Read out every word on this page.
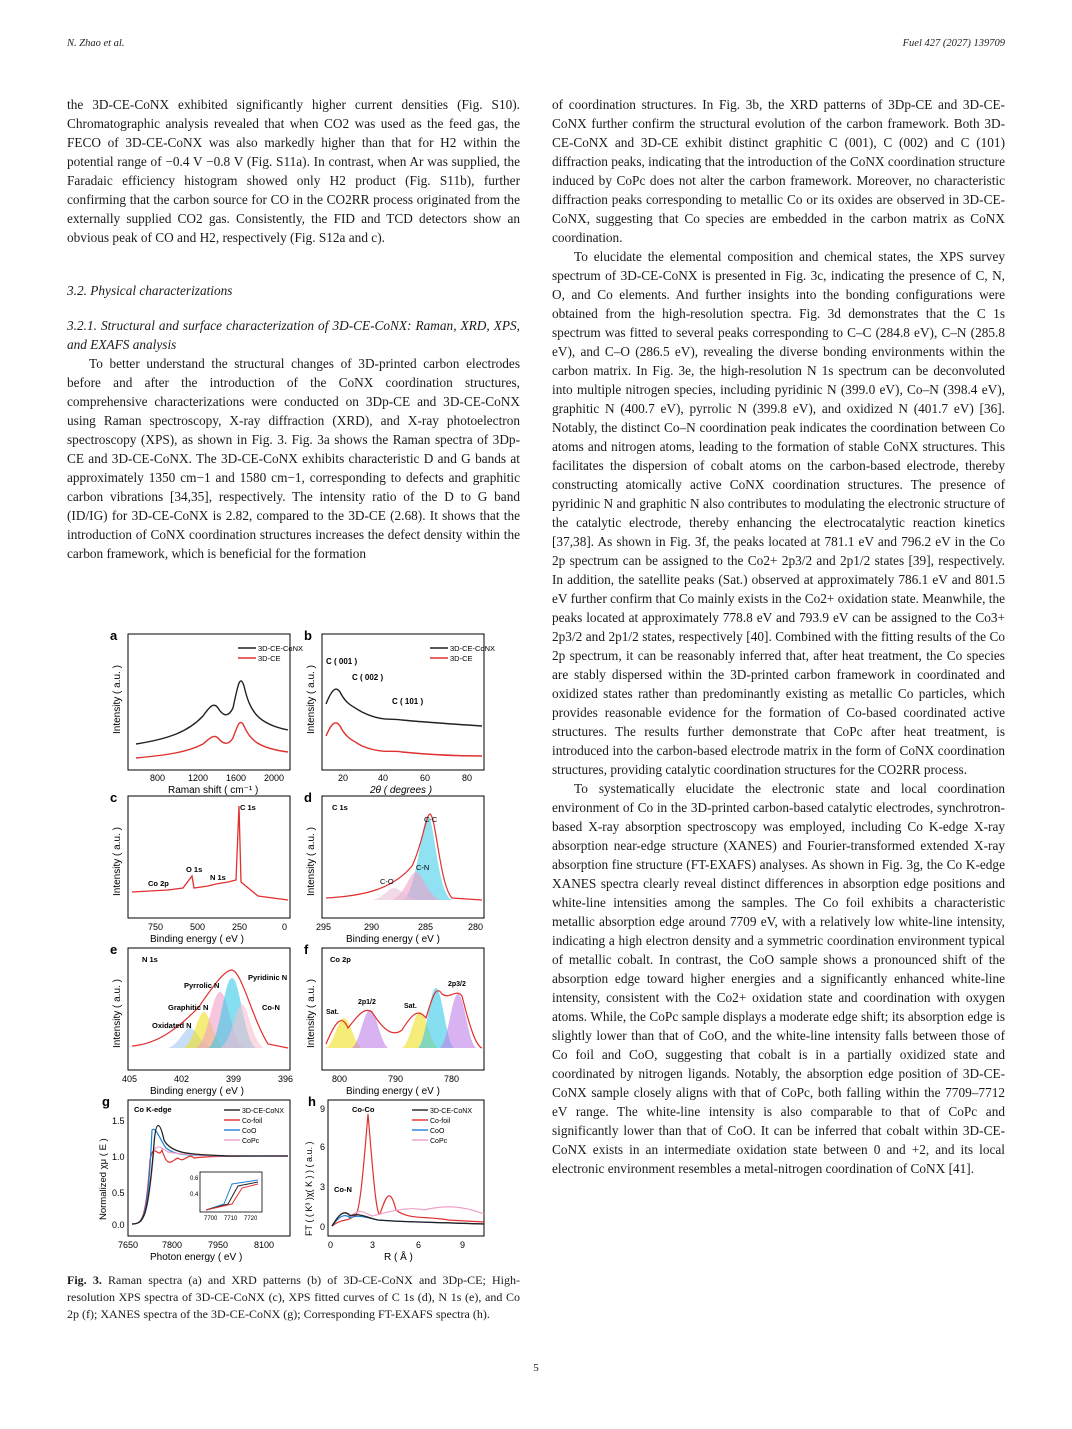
N. Zhao et al.	Fuel 427 (2027) 139709

the 3D-CE-CoNX exhibited significantly higher current densities (Fig. S10). Chromatographic analysis revealed that when CO2 was used as the feed gas, the FECO of 3D-CE-CoNX was also markedly higher than that for H2 within the potential range of −0.4 V −0.8 V (Fig. S11a). In contrast, when Ar was supplied, the Faradaic efficiency histogram showed only H2 product (Fig. S11b), further confirming that the carbon source for CO in the CO2RR process originated from the externally supplied CO2 gas. Consistently, the FID and TCD detectors show an obvious peak of CO and H2, respectively (Fig. S12a and c).

3.2. Physical characterizations
3.2.1. Structural and surface characterization of 3D-CE-CoNX: Raman, XRD, XPS, and EXAFS analysis

To better understand the structural changes of 3D-printed carbon electrodes before and after the introduction of the CoNX coordination structures, comprehensive characterizations were conducted on 3Dp-CE and 3D-CE-CoNX using Raman spectroscopy, X-ray diffraction (XRD), and X-ray photoelectron spectroscopy (XPS), as shown in Fig. 3. Fig. 3a shows the Raman spectra of 3Dp-CE and 3D-CE-CoNX. The 3D-CE-CoNX exhibits characteristic D and G bands at approximately 1350 cm−1 and 1580 cm−1, corresponding to defects and graphitic carbon vibrations [34,35], respectively. The intensity ratio of the D to G band (ID/IG) for 3D-CE-CoNX is 2.82, compared to the 3D-CE (2.68). It shows that the introduction of CoNX coordination structures increases the defect density within the carbon framework, which is beneficial for the formation

of coordination structures. In Fig. 3b, the XRD patterns of 3Dp-CE and 3D-CE-CoNX further confirm the structural evolution of the carbon framework. Both 3D-CE-CoNX and 3D-CE exhibit distinct graphitic C (001), C (002) and C (101) diffraction peaks, indicating that the introduction of the CoNX coordination structure induced by CoPc does not alter the carbon framework. Moreover, no characteristic diffraction peaks corresponding to metallic Co or its oxides are observed in 3D-CE-CoNX, suggesting that Co species are embedded in the carbon matrix as CoNX coordination.

To elucidate the elemental composition and chemical states, the XPS survey spectrum of 3D-CE-CoNX is presented in Fig. 3c, indicating the presence of C, N, O, and Co elements. And further insights into the bonding configurations were obtained from the high-resolution spectra. Fig. 3d demonstrates that the C 1s spectrum was fitted to several peaks corresponding to C–C (284.8 eV), C–N (285.8 eV), and C–O (286.5 eV), revealing the diverse bonding environments within the carbon matrix. In Fig. 3e, the high-resolution N 1s spectrum can be deconvoluted into multiple nitrogen species, including pyridinic N (399.0 eV), Co–N (398.4 eV), graphitic N (400.7 eV), pyrrolic N (399.8 eV), and oxidized N (401.7 eV) [36]. Notably, the distinct Co–N coordination peak indicates the coordination between Co atoms and nitrogen atoms, leading to the formation of stable CoNX structures. This facilitates the dispersion of cobalt atoms on the carbon-based electrode, thereby constructing atomically active CoNX coordination structures. The presence of pyridinic N and graphitic N also contributes to modulating the electronic structure of the catalytic electrode, thereby enhancing the electrocatalytic reaction kinetics [37,38]. As shown in Fig. 3f, the peaks located at 781.1 eV and 796.2 eV in the Co 2p spectrum can be assigned to the Co2+ 2p3/2 and 2p1/2 states [39], respectively. In addition, the satellite peaks (Sat.) observed at approximately 786.1 eV and 801.5 eV further confirm that Co mainly exists in the Co2+ oxidation state. Meanwhile, the peaks located at approximately 778.8 eV and 793.9 eV can be assigned to the Co3+ 2p3/2 and 2p1/2 states, respectively [40]. Combined with the fitting results of the Co 2p spectrum, it can be reasonably inferred that, after heat treatment, the Co species are stably dispersed within the 3D-printed carbon framework in coordinated and oxidized states rather than predominantly existing as metallic Co particles, which provides reasonable evidence for the formation of Co-based coordinated active structures. The results further demonstrate that CoPc after heat treatment, is introduced into the carbon-based electrode matrix in the form of CoNX coordination structures, providing catalytic coordination structures for the CO2RR process.

To systematically elucidate the electronic state and local coordination environment of Co in the 3D-printed carbon-based catalytic electrodes, synchrotron-based X-ray absorption spectroscopy was employed, including Co K-edge X-ray absorption near-edge structure (XANES) and Fourier-transformed extended X-ray absorption fine structure (FT-EXAFS) analyses. As shown in Fig. 3g, the Co K-edge XANES spectra clearly reveal distinct differences in absorption edge positions and white-line intensities among the samples. The Co foil exhibits a characteristic metallic absorption edge around 7709 eV, with a relatively low white-line intensity, indicating a high electron density and a symmetric coordination environment typical of metallic cobalt. In contrast, the CoO sample shows a pronounced shift of the absorption edge toward higher energies and a significantly enhanced white-line intensity, consistent with the Co2+ oxidation state and coordination with oxygen atoms. While, the CoPc sample displays a moderate edge shift; its absorption edge is slightly lower than that of CoO, and the white-line intensity falls between those of Co foil and CoO, suggesting that cobalt is in a partially oxidized state and coordinated by nitrogen ligands. Notably, the absorption edge position of 3D-CE-CoNX sample closely aligns with that of CoPc, both falling within the 7709–7712 eV range. The white-line intensity is also comparable to that of CoPc and significantly lower than that of CoO. It can be inferred that cobalt within 3D-CE-CoNX exists in an intermediate oxidation state between 0 and +2, and its local electronic environment resembles a metal-nitrogen coordination of CoNX [41].

a
3D-CE-CoNX
3D-CE
800	1200 1600 2000
Raman shift ( cm⁻¹ )
Intensity ( a.u. )
b
3D-CE-CoNX
3D-CE
C ( 001 )
C ( 002 )
C ( 101 )
20	40	60	80
2θ ( degrees )
Intensity ( a.u. )
c
C 1s
O 1s
N 1s
Co 2p
750	500	250	0
Binding energy ( eV )
Intensity ( a.u. )
d
C 1s
C-C
C-N
C-O
295	290	285	280
Binding energy ( eV )
Intensity ( a.u. )
e
N 1s
Pyrrolic N
Pyridinic N
Graphitic N	Co-N
Oxidated N
405	402	399	396
Binding energy ( eV )
Intensity ( a.u. )
f
Co 2p
2p1/2
2p3/2
Sat.
Sat.
800	790	780
Binding energy ( eV )
Intensity ( a.u. )
g
7700 7710 7720
0.6
0.4
Co K-edge	3D-CE-CoNX
Co-foil
CoO
CoPc
0.0
0.5
1.0
1.5
7650	7800	7950	8100
Photon energy ( eV )
Normalized χμ ( E )
h
Co-Co
Co-N
3D-CE-CoNX
Co-foil
CoO
CoPc
0
3
6
9
0	3	6	9
R ( Å )
FT ( ( K³ )χ( K ) ) ( a.u. )
Fig. 3. Raman spectra (a) and XRD patterns (b) of 3D-CE-CoNX and 3Dp-CE; High-resolution XPS spectra of 3D-CE-CoNX (c), XPS fitted curves of C 1s (d), N 1s (e), and Co 2p (f); XANES spectra of the 3D-CE-CoNX (g); Corresponding FT-EXAFS spectra (h).
5
